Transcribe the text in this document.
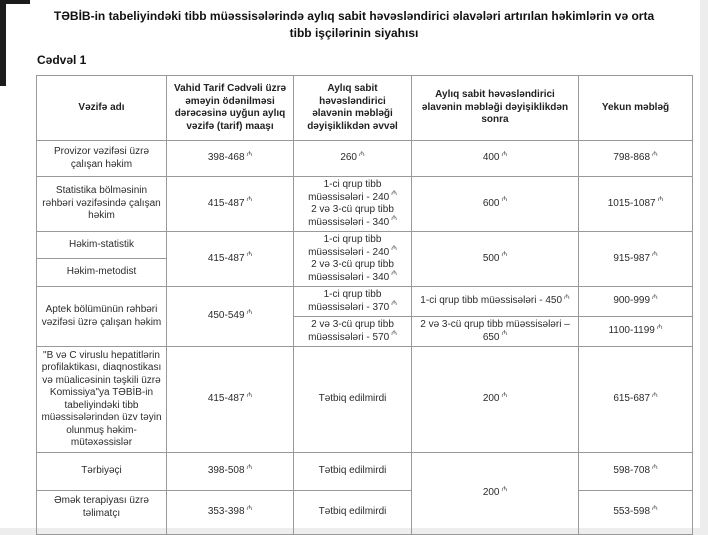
TƏBİB-in tabeliyindəki tibb müəssisələrində aylıq sabit həvəsləndirici əlavələri artırılan həkimlərin və orta tibb işçilərinin siyahısı
Cədvəl 1
Vəzifə adı	Vahid Tarif Cədvəli üzrə əməyin ödənilməsi dərəcəsinə uyğun aylıq vəzifə (tarif) maaşı	Aylıq sabit həvəsləndirici əlavənin məbləği dəyişiklikdən əvvəl	Aylıq sabit həvəsləndirici əlavənin məbləği dəyişiklikdən sonra	Yekun məbləğ
Provizor vəzifəsi üzrə çalışan həkim	398-468 ₼	260 ₼	400 ₼	798-868 ₼
Statistika bölməsinin rəhbəri vəzifəsində çalışan həkim	415-487 ₼	1-ci qrup tibb müəssisələri - 240 ₼
2 və 3-cü qrup tibb müəssisələri - 340 ₼	600 ₼	1015-1087 ₼
Həkim-statistik	415-487 ₼	1-ci qrup tibb müəssisələri - 240 ₼
2 və 3-cü qrup tibb müəssisələri - 340 ₼	500 ₼	915-987 ₼
Həkim-metodist				
Aptek bölümünün rəhbəri vəzifəsi üzrə çalışan həkim	450-549 ₼	1-ci qrup tibb müəssisələri - 370 ₼	1-ci qrup tibb müəssisələri - 450 ₼	900-999 ₼
		2 və 3-cü qrup tibb müəssisələri - 570 ₼	2 və 3-cü qrup tibb müəssisələri – 650 ₼	1100-1199 ₼
"B və C viruslu hepatitlərin profilaktikası, diaqnostikası və müalicəsinin təşkili üzrə Komissiya"ya TƏBİB-in tabeliyindəki tibb müəssisələrindən üzv təyin olunmuş həkim-mütəxəssislər	415-487 ₼	Tətbiq edilmirdi	200 ₼	615-687 ₼
Tərbiyəçi	398-508 ₼	Tətbiq edilmirdi	200 ₼	598-708 ₼
Əmək terapiyası üzrə təlimatçı	353-398 ₼	Tətbiq edilmirdi		553-598 ₼
